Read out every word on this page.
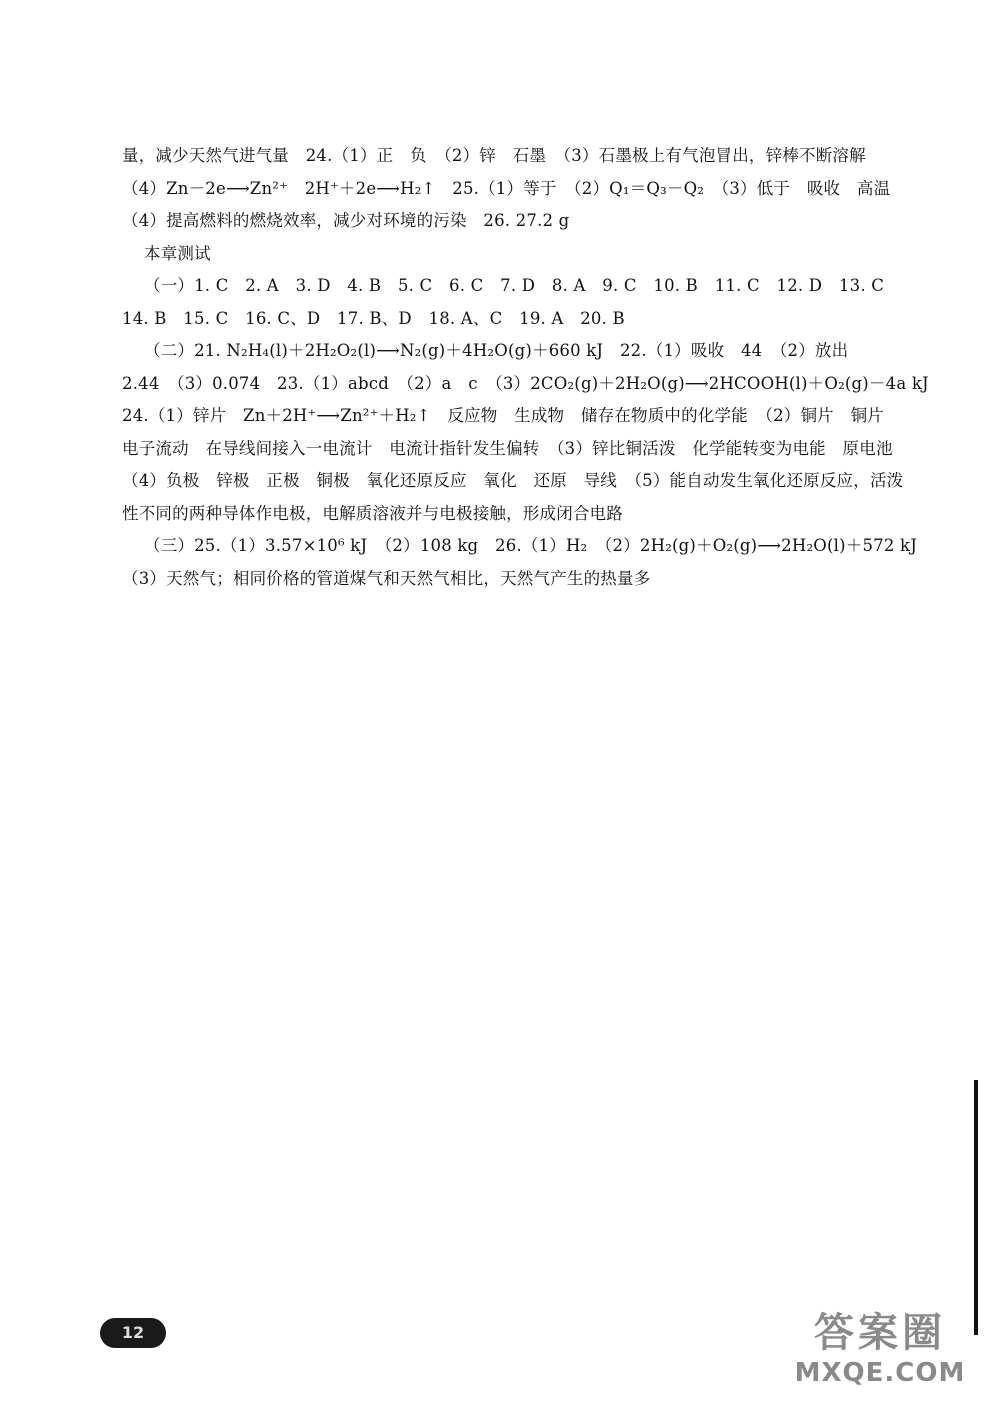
量，减少天然气进气量　24.（1）正　负　（2）锌　石墨　（3）石墨极上有气泡冒出，锌棒不断溶解
（4）Zn－2e⟶Zn²⁺　2H⁺＋2e⟶H₂↑　25.（1）等于　（2）Q₁＝Q₃－Q₂　（3）低于　吸收　高温
（4）提高燃料的燃烧效率，减少对环境的污染　26. 27.2 g
本章测试
（一）1. C　2. A　3. D　4. B　5. C　6. C　7. D　8. A　9. C　10. B　11. C　12. D　13. C
14. B　15. C　16. C、D　17. B、D　18. A、C　19. A　20. B
（二）21. N₂H₄(l)＋2H₂O₂(l)⟶N₂(g)＋4H₂O(g)＋660 kJ　22.（1）吸收　44　（2）放出
2.44　（3）0.074　23.（1）abcd　（2）a　c　（3）2CO₂(g)＋2H₂O(g)⟶2HCOOH(l)＋O₂(g)－4a kJ
24.（1）锌片　Zn＋2H⁺⟶Zn²⁺＋H₂↑　反应物　生成物　储存在物质中的化学能　（2）铜片　铜片
电子流动　在导线间接入一电流计　电流计指针发生偏转　（3）锌比铜活泼　化学能转变为电能　原电池
（4）负极　锌极　正极　铜极　氧化还原反应　氧化　还原　导线　（5）能自动发生氧化还原反应，活泼
性不同的两种导体作电极，电解质溶液并与电极接触，形成闭合电路
（三）25.（1）3.57×10⁶ kJ　（2）108 kg　26.（1）H₂　（2）2H₂(g)＋O₂(g)⟶2H₂O(l)＋572 kJ
（3）天然气；相同价格的管道煤气和天然气相比，天然气产生的热量多
12	答案圈
MXQE.COM
